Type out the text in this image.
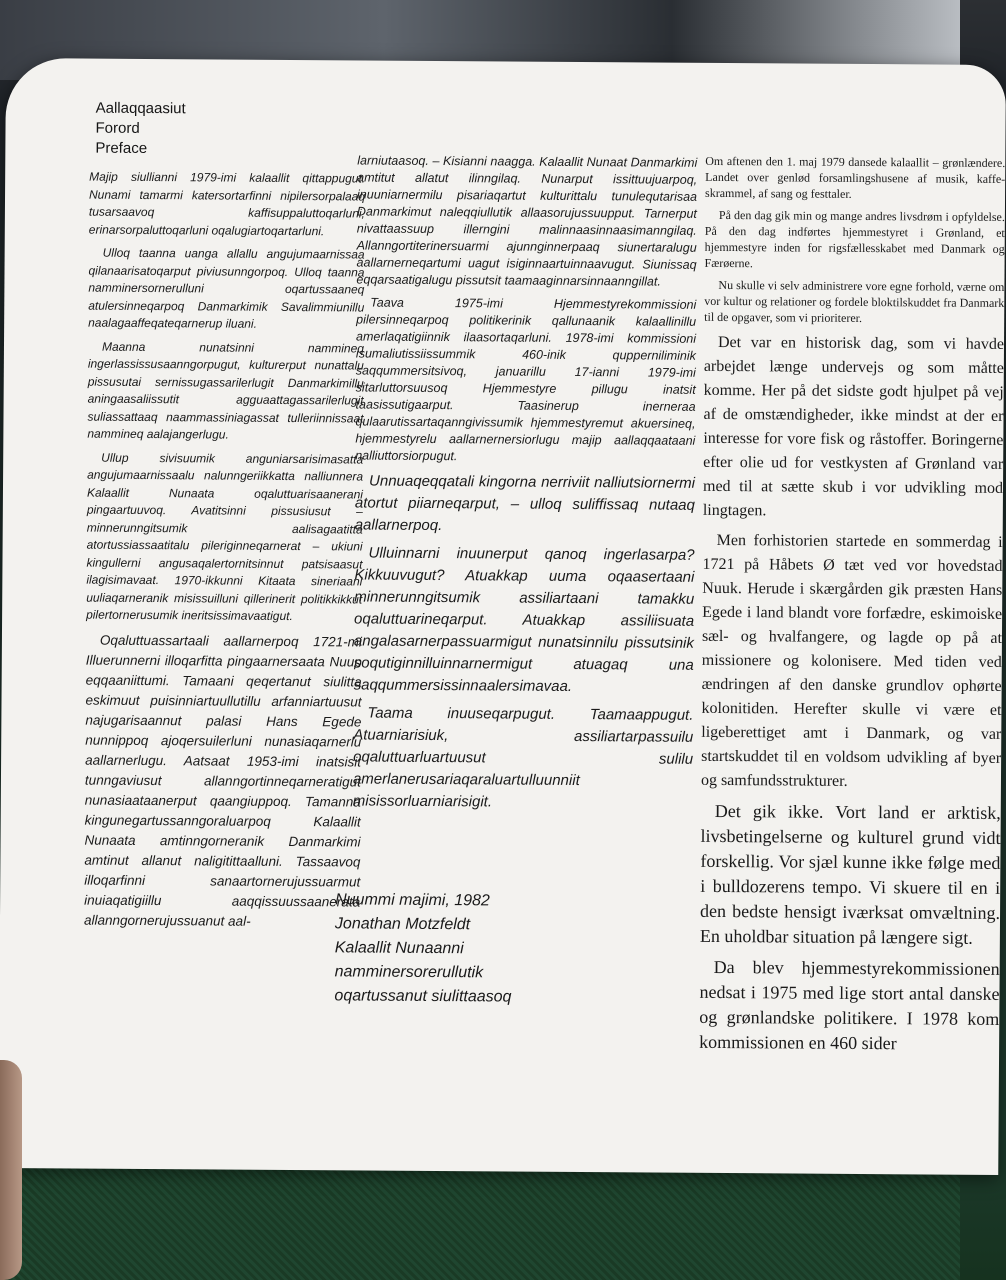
Aallaqqaasiut
Forord
Preface

Majip siullianni 1979-imi kalaallit qittappugut. Nunami tamarmi katersortarfinni nipilersorpalaaq tusarsaavoq kaffisuppaluttoqarluni, erinarsorpaluttoqarluni oqalugiartoqartarluni.

Ulloq taanna uanga allallu angujumaarnissaa qilanaarisatoqarput piviusunngorpoq. Ulloq taanna namminersornerulluni oqartussaaneq atulersinneqarpoq Danmarkimik Savalimmiunillu naalagaaffeqateqarnerup iluani.

Maanna nunatsinni nammineq ingerlassissusaanngorpugut, kulturerput nunattalu pissusutai sernissugassarilerlugit Danmarkimillu aningaasaliissutit agguaattagassarilerlugit suliassattaaq naammassiniagassat tulleriinnissaat nammineq aalajangerlugu.

Ullup sivisuumik anguniarsarisimasatta angujumaarnissaalu nalunngeriikkatta nalliunnera Kalaallit Nunaata oqaluttuarisaanerani pingaartuuvoq. Avatitsinni pissusiusut – minnerunngitsumik aalisagaatitta atortussiassaatitalu pileriginneqarnerat – ukiuni kingullerni angusaqalertornitsinnut patsisaasut ilagisimavaat. 1970-ikkunni Kitaata sineriaani uuliaqarneranik misissuilluni qillerinerit politikkikkut pilertornerusumik ineritsissimavaatigut.

Oqaluttuassartaali aallarnerpoq 1721-mi Illuerunnerni illoqarfitta pingaarnersaata Nuup eqqaaniittumi. Tamaani qeqertanut siulitta eskimuut puisinniartuullutillu arfanniartuusut najugarisaannut palasi Hans Egede nunnippoq ajoqersuilerluni nunasiaqarnerlu aallarnerlugu. Aatsaat 1953-imi inatsisit tunngaviusut allanngortinneqarneratigut nunasiaataanerput qaangiuppoq. Tamanna kingunegartussanngoraluarpoq Kalaallit Nunaata amtinngorneranik Danmarkimi amtinut allanut naligitittaalluni. Tassaavoq illoqarfinni sanaartornerujussuarmut inuiaqatigiillu aaqqissuussaanerata allanngornerujussuanut aal-

larniutaasoq. – Kisianni naagga. Kalaallit Nunaat Danmarkimi amtitut allatut ilinngilaq. Nunarput issittuujuarpoq, inuuniarnermilu pisariaqartut kulturittalu tunulequtarisaa Danmarkimut naleqqiullutik allaasorujussuupput. Tarnerput nivattaassuup illerngini malinnaasinnaasimanngilaq. Allanngortiterinersuarmi ajunnginnerpaaq siunertaralugu aallarnerneqartumi uagut isiginnaartuinnaavugut. Siunissaq eqqarsaatigalugu pissutsit taamaaginnarsinnaanngillat.

Taava 1975-imi Hjemmestyrekommissioni pilersinneqarpoq politikerinik qallunaanik kalaallinillu amerlaqatigiinnik ilaasortaqarluni. 1978-imi kommissioni isumaliutissiissummik 460-inik qupperniliminik saqqummersitsivoq, januarillu 17-ianni 1979-imi sitarluttorsuusoq Hjemmestyre pillugu inatsit taasissutigaarput. Taasinerup inerneraa qulaarutissartaqanngivissumik hjemmestyremut akuersineq, hjemmestyrelu aallarnernersiorlugu majip aallaqqaataani nalliuttorsiorpugut.

Unnuaqeqqatali kingorna nerriviit nalliutsiornermi atortut piiarneqarput, – ulloq suliffissaq nutaaq aallarnerpoq.

Ulluinnarni inuunerput qanoq ingerlasarpa? Kikkuuvugut? Atuakkap uuma oqaasertaani minnerunngitsumik assiliartaani tamakku oqaluttuarineqarput. Atuakkap assiliisuata angalasarnerpassuarmigut nunatsinnilu pissutsinik soqutiginnilluinnarnermigut atuagaq una saqqummersissinnaalersimavaa.

Taama inuuseqarpugut. Taamaappugut. Atuarniarisiuk, assiliartarpassuilu oqaluttuarluartuusut sulilu amerlanerusariaqaraluartulluunniit misissorluarniarisigit.

Nuummi majimi, 1982
Jonathan Motzfeldt
Kalaallit Nunaanni
namminersorerullutik
oqartussanut siulittaasoq

Om aftenen den 1. maj 1979 dansede kalaallit – grønlændere. Landet over genlød forsamlingshusene af musik, kaffe-skrammel, af sang og festtaler.

På den dag gik min og mange andres livsdrøm i opfyldelse. På den dag indførtes hjemmestyret i Grønland, et hjemmestyre inden for rigsfællesskabet med Danmark og Færøerne.

Nu skulle vi selv administrere vore egne forhold, værne om vor kultur og relationer og fordele bloktilskuddet fra Danmark til de opgaver, som vi prioriterer.

Det var en historisk dag, som vi havde arbejdet længe undervejs og som måtte komme. Her på det sidste godt hjulpet på vej af de omstændigheder, ikke mindst at der er interesse for vore fisk og råstoffer. Boringerne efter olie ud for vestkysten af Grønland var med til at sætte skub i vor udvikling mod lingtagen.

Men forhistorien startede en sommerdag i 1721 på Håbets Ø tæt ved vor hovedstad Nuuk. Herude i skærgården gik præsten Hans Egede i land blandt vore forfædre, eskimoiske sæl- og hvalfangere, og lagde op på at missionere og kolonisere. Med tiden ved ændringen af den danske grundlov ophørte kolonitiden. Herefter skulle vi være et ligeberettiget amt i Danmark, og var startskuddet til en voldsom udvikling af byer og samfundsstrukturer.

Det gik ikke. Vort land er arktisk, livsbetingelserne og kulturel grund vidt forskellig. Vor sjæl kunne ikke følge med i bulldozerens tempo. Vi skuere til en i den bedste hensigt iværksat omvæltning. En uholdbar situation på længere sigt.

Da blev hjemmestyrekommissionen nedsat i 1975 med lige stort antal danske og grønlandske politikere. I 1978 kom kommissionen en 460 sider
